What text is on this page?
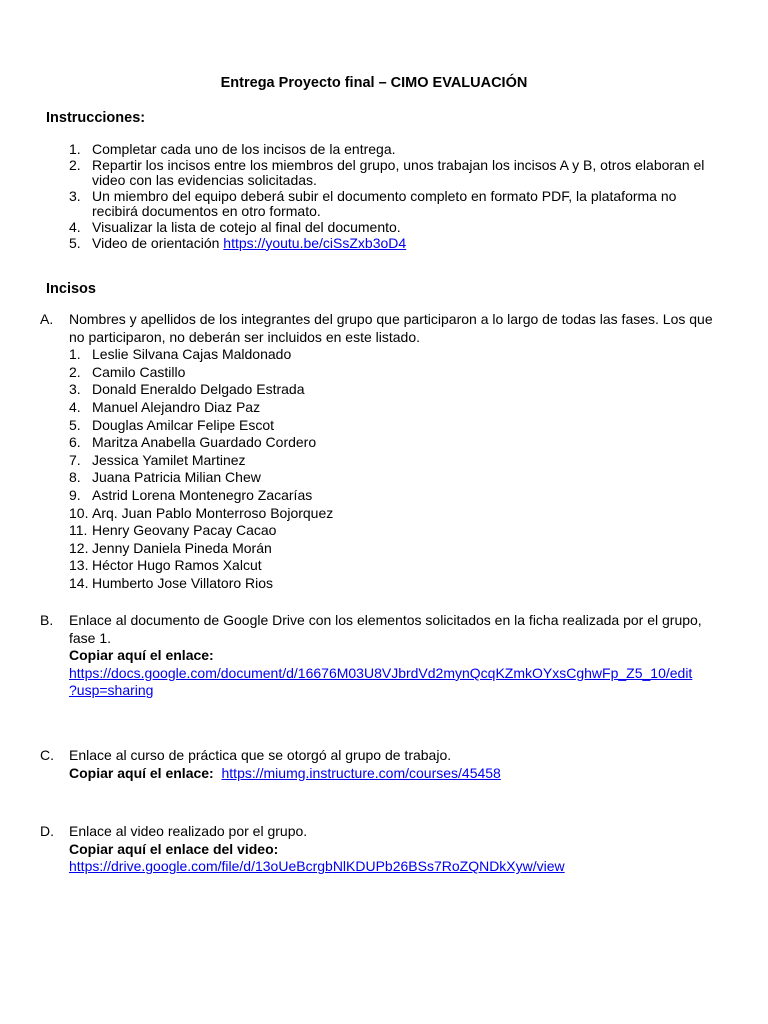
Entrega Proyecto final – CIMO EVALUACIÓN
Instrucciones:
1. Completar cada uno de los incisos de la entrega.
2. Repartir los incisos entre los miembros del grupo, unos trabajan los incisos A y B, otros elaboran el video con las evidencias solicitadas.
3. Un miembro del equipo deberá subir el documento completo en formato PDF, la plataforma no recibirá documentos en otro formato.
4. Visualizar la lista de cotejo al final del documento.
5. Video de orientación https://youtu.be/ciSsZxb3oD4
Incisos
A.	Nombres y apellidos de los integrantes del grupo que participaron a lo largo de todas las fases. Los que no participaron, no deberán ser incluidos en este listado.
1. Leslie Silvana Cajas Maldonado
2. Camilo Castillo
3. Donald Eneraldo Delgado Estrada
4. Manuel Alejandro Diaz Paz
5. Douglas Amilcar Felipe Escot
6. Maritza Anabella Guardado Cordero
7. Jessica Yamilet Martinez
8. Juana Patricia Milian Chew
9. Astrid Lorena Montenegro Zacarías
10. Arq. Juan Pablo Monterroso Bojorquez
11. Henry Geovany Pacay Cacao
12. Jenny Daniela Pineda Morán
13. Héctor Hugo Ramos Xalcut
14. Humberto Jose Villatoro Rios
B.	Enlace al documento de Google Drive con los elementos solicitados en la ficha realizada por el grupo, fase 1.
Copiar aquí el enlace:
https://docs.google.com/document/d/16676M03U8VJbrdVd2mynQcqKZmkOYxsCghwFp_Z5_10/edit
?usp=sharing
C.	Enlace al curso de práctica que se otorgó al grupo de trabajo.
Copiar aquí el enlace: https://miumg.instructure.com/courses/45458
D.	Enlace al video realizado por el grupo.
Copiar aquí el enlace del video:
https://drive.google.com/file/d/13oUeBcrgbNlKDUPb26BSs7RoZQNDkXyw/view
